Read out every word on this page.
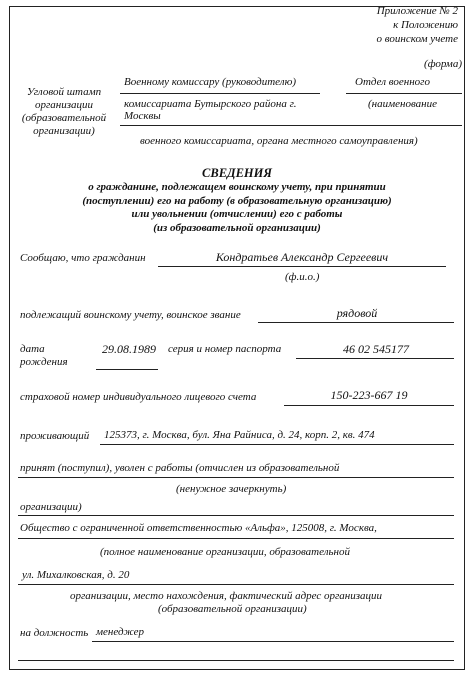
Приложение № 2
к Положению
о воинском учете
(форма)
Угловой штамп
организации
(образовательной
организации)
Военному комиссару (руководителю)	Отдел военного
комиссариата Бутырского района г.	(наименование
Москвы
военного комиссариата, органа местного самоуправления)
СВЕДЕНИЯ
о гражданине, подлежащем воинскому учету, при принятии
(поступлении) его на работу (в образовательную организацию)
или увольнении (отчислении) его с работы
(из образовательной организации)
Сообщаю, что гражданин	Кондратьев Александр Сергеевич
(ф.и.о.)
подлежащий воинскому учету, воинское звание	рядовой
дата
рождения
29.08.1989 серия и номер паспорта	46 02 545177
страховой номер индивидуального лицевого счета	150-223-667 19
проживающий 125373, г. Москва, бул. Яна Райниса, д. 24, корп. 2, кв. 474
принят (поступил), уволен с работы (отчислен из образовательной
(ненужное зачеркнуть)
организации)
Обществo с ограниченной ответственностью «Альфа», 125008, г. Москва,
(полное наименование организации, образовательной
ул. Михалковская, д. 20
организации, место нахождения, фактический адрес организации
(образовательной организации)
на должность менеджер
